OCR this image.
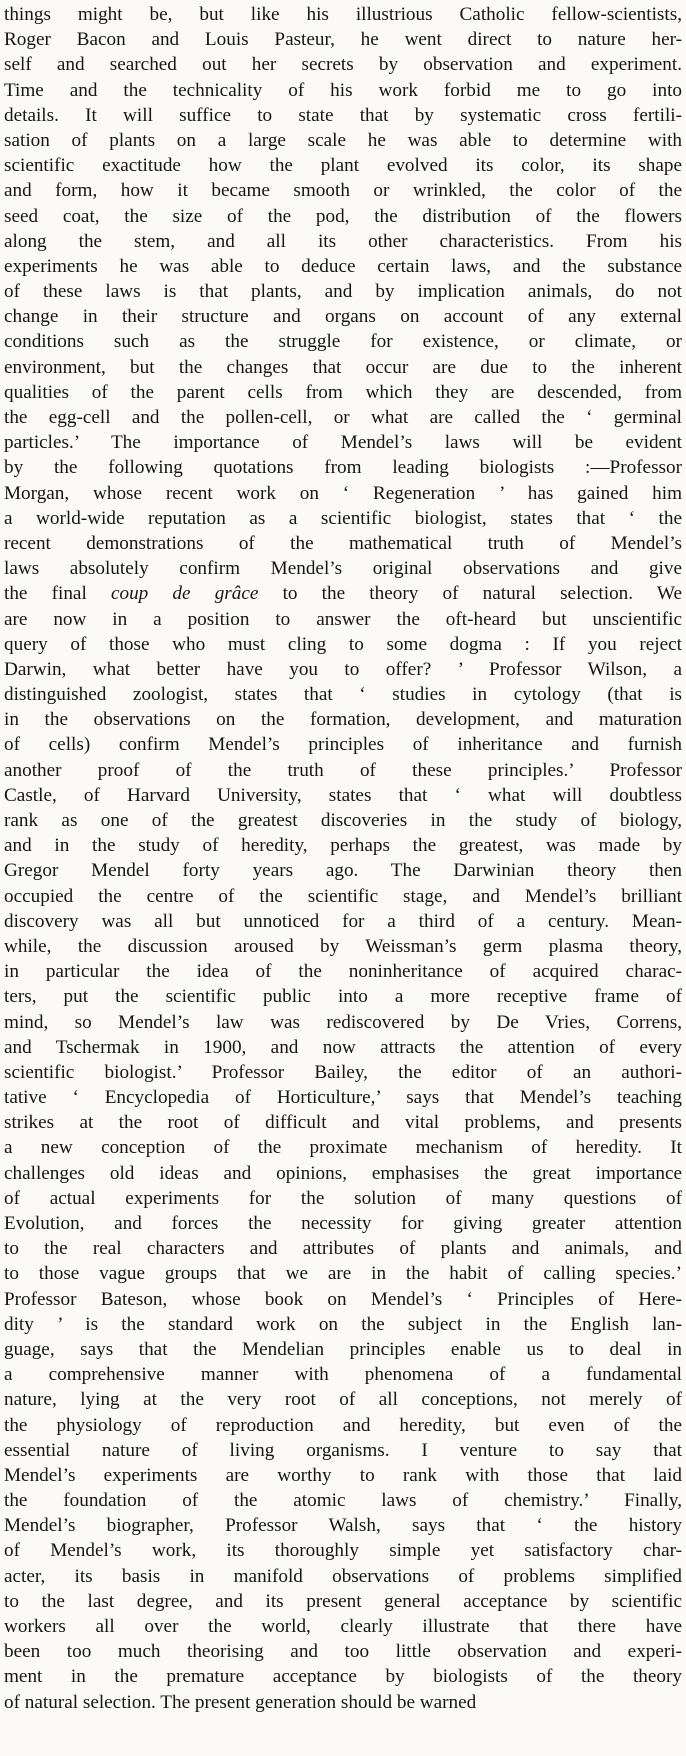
things might be, but like his illustrious Catholic fellow-scientists,
Roger Bacon and Louis Pasteur, he went direct to nature her-
self and searched out her secrets by observation and experiment.
Time and the technicality of his work forbid me to go into
details. It will suffice to state that by systematic cross fertili-
sation of plants on a large scale he was able to determine with
scientific exactitude how the plant evolved its color, its shape
and form, how it became smooth or wrinkled, the color of the
seed coat, the size of the pod, the distribution of the flowers
along the stem, and all its other characteristics. From his
experiments he was able to deduce certain laws, and the substance
of these laws is that plants, and by implication animals, do not
change in their structure and organs on account of any external
conditions such as the struggle for existence, or climate, or
environment, but the changes that occur are due to the inherent
qualities of the parent cells from which they are descended, from
the egg-cell and the pollen-cell, or what are called the ‘ germinal
particles.’ The importance of Mendel’s laws will be evident
by the following quotations from leading biologists :—Professor
Morgan, whose recent work on ‘ Regeneration ’ has gained him
a world-wide reputation as a scientific biologist, states that ‘ the
recent demonstrations of the mathematical truth of Mendel’s
laws absolutely confirm Mendel’s original observations and give
the final coup de grâce to the theory of natural selection. We
are now in a position to answer the oft-heard but unscientific
query of those who must cling to some dogma : If you reject
Darwin, what better have you to offer? ’ Professor Wilson, a
distinguished zoologist, states that ‘ studies in cytology (that is
in the observations on the formation, development, and maturation
of cells) confirm Mendel’s principles of inheritance and furnish
another proof of the truth of these principles.’ Professor
Castle, of Harvard University, states that ‘ what will doubtless
rank as one of the greatest discoveries in the study of biology,
and in the study of heredity, perhaps the greatest, was made by
Gregor Mendel forty years ago. The Darwinian theory then
occupied the centre of the scientific stage, and Mendel’s brilliant
discovery was all but unnoticed for a third of a century. Mean-
while, the discussion aroused by Weissman’s germ plasma theory,
in particular the idea of the noninheritance of acquired charac-
ters, put the scientific public into a more receptive frame of
mind, so Mendel’s law was rediscovered by De Vries, Correns,
and Tschermak in 1900, and now attracts the attention of every
scientific biologist.’ Professor Bailey, the editor of an authori-
tative ‘ Encyclopedia of Horticulture,’ says that Mendel’s teaching
strikes at the root of difficult and vital problems, and presents
a new conception of the proximate mechanism of heredity. It
challenges old ideas and opinions, emphasises the great importance
of actual experiments for the solution of many questions of
Evolution, and forces the necessity for giving greater attention
to the real characters and attributes of plants and animals, and
to those vague groups that we are in the habit of calling species.’
Professor Bateson, whose book on Mendel’s ‘ Principles of Here-
dity ’ is the standard work on the subject in the English lan-
guage, says that the Mendelian principles enable us to deal in
a comprehensive manner with phenomena of a fundamental
nature, lying at the very root of all conceptions, not merely of
the physiology of reproduction and heredity, but even of the
essential nature of living organisms. I venture to say that
Mendel’s experiments are worthy to rank with those that laid
the foundation of the atomic laws of chemistry.’ Finally,
Mendel’s biographer, Professor Walsh, says that ‘ the history
of Mendel’s work, its thoroughly simple yet satisfactory char-
acter, its basis in manifold observations of problems simplified
to the last degree, and its present general acceptance by scientific
workers all over the world, clearly illustrate that there have
been too much theorising and too little observation and experi-
ment in the premature acceptance by biologists of the theory
of natural selection. The present generation should be warned
